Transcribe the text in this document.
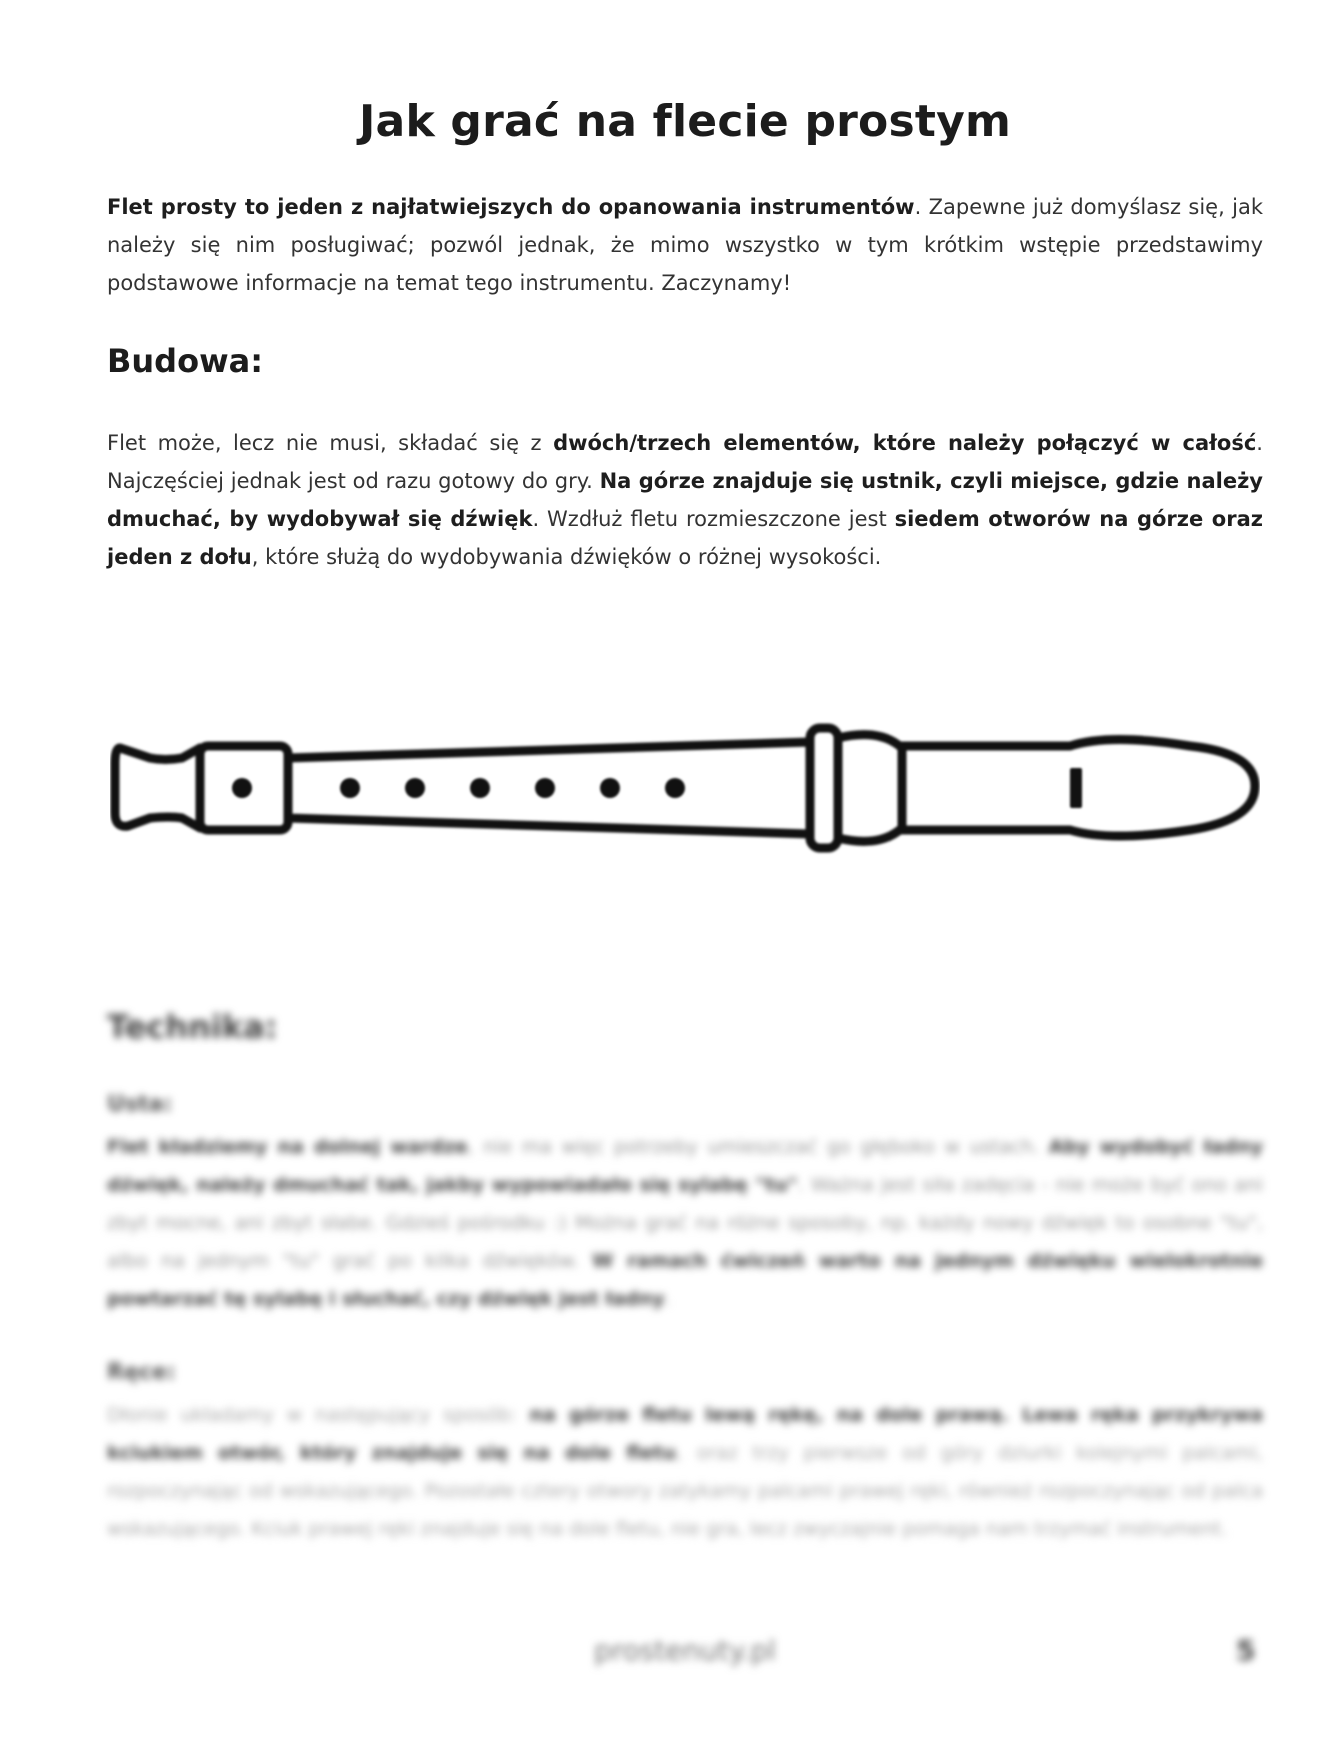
Jak grać na flecie prostym

Flet prosty to jeden z najłatwiejszych do opanowania instrumentów. Zapewne już domyślasz się, jak należy się nim posługiwać; pozwól jednak, że mimo wszystko w tym krótkim wstępie przedstawimy podstawowe informacje na temat tego instrumentu. Zaczynamy!

Budowa:

Flet może, lecz nie musi, składać się z dwóch/trzech elementów, które należy połączyć w całość. Najczęściej jednak jest od razu gotowy do gry. Na górze znajduje się ustnik, czyli miejsce, gdzie należy dmuchać, by wydobywał się dźwięk. Wzdłuż fletu rozmieszczone jest siedem otworów na górze oraz jeden z dołu, które służą do wydobywania dźwięków o różnej wysokości.

Technika:
Usta:

Flet kładziemy na dolnej wardze, nie ma więc potrzeby umieszczać go głęboko w ustach. Aby wydobyć ładny dźwięk, należy dmuchać tak, jakby wypowiadało się sylabę "tu". Ważna jest siła zadęcia - nie może być ono ani zbyt mocne, ani zbyt słabe. Gdzieś pośrodku :) Można grać na różne sposoby, np. każdy nowy dźwięk to osobne "tu", albo na jednym "tu" grać po kilka dźwięków. W ramach ćwiczeń warto na jednym dźwięku wielokrotnie powtarzać tę sylabę i słuchać, czy dźwięk jest ładny.

Ręce:

Dłonie układamy w następujący sposób: na górze fletu lewą rękę, na dole prawą. Lewa ręka przykrywa kciukiem otwór, który znajduje się na dole fletu, oraz trzy pierwsze od góry dziurki kolejnymi palcami, rozpoczynając od wskazującego. Pozostałe cztery otwory zatykamy palcami prawej ręki, również rozpoczynając od palca wskazującego. Kciuk prawej ręki znajduje się na dole fletu, nie gra, lecz zwyczajnie pomaga nam trzymać instrument.

prostenuty.pl	5
